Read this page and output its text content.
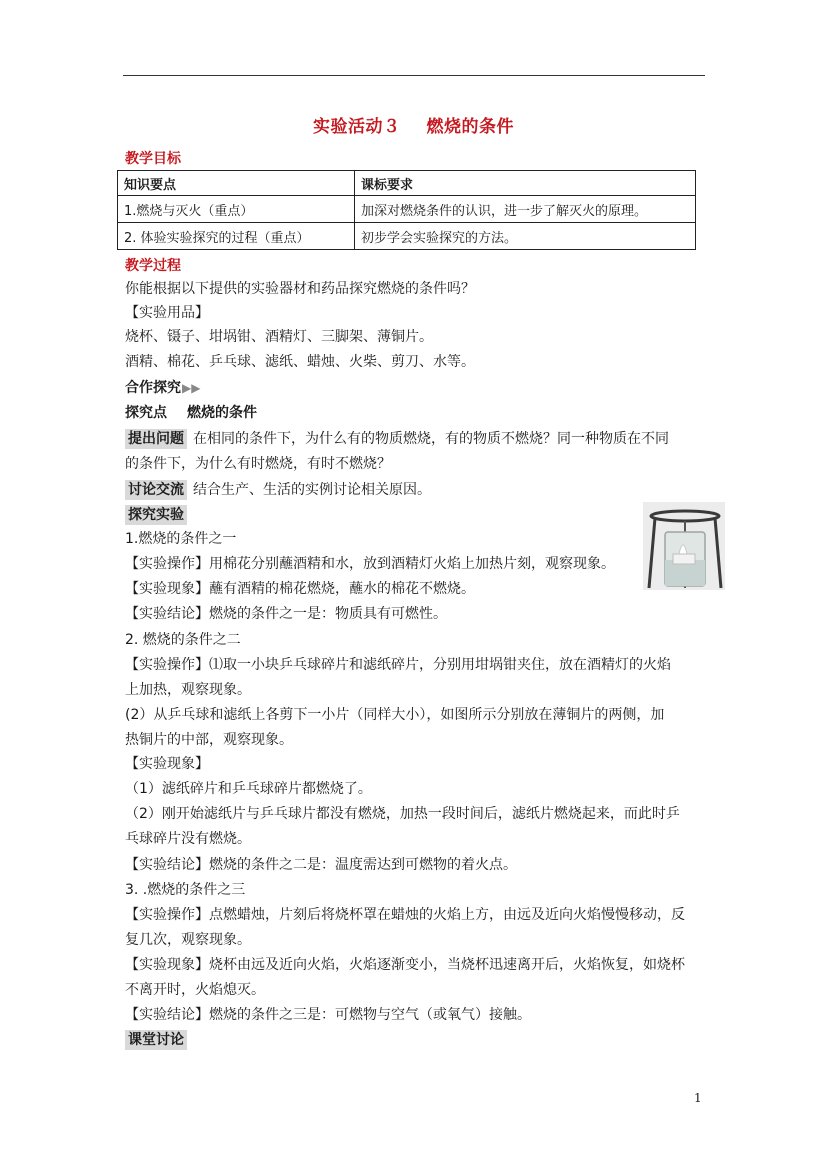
实验活动３ 燃烧的条件
教学目标
知识要点	课标要求
1.燃烧与灭火（重点）	加深对燃烧条件的认识，进一步了解灭火的原理。
2. 体验实验探究的过程（重点）	初步学会实验探究的方法。
教学过程
你能根据以下提供的实验器材和药品探究燃烧的条件吗？
【实验用品】
烧杯、镊子、坩埚钳、酒精灯、三脚架、薄铜片。
酒精、棉花、乒乓球、滤纸、蜡烛、火柴、剪刀、水等。
合作探究▶▶
探究点 燃烧的条件
提出问题 在相同的条件下，为什么有的物质燃烧，有的物质不燃烧？同一种物质在不同
的条件下，为什么有时燃烧，有时不燃烧？
讨论交流 结合生产、生活的实例讨论相关原因。
探究实验
1.燃烧的条件之一
【实验操作】用棉花分别蘸酒精和水，放到酒精灯火焰上加热片刻，观察现象。
【实验现象】蘸有酒精的棉花燃烧，蘸水的棉花不燃烧。
【实验结论】燃烧的条件之一是：物质具有可燃性。
2. 燃烧的条件之二
【实验操作】⑴取一小块乒乓球碎片和滤纸碎片，分别用坩埚钳夹住，放在酒精灯的火焰
上加热，观察现象。
(2）从乒乓球和滤纸上各剪下一小片（同样大小），如图所示分别放在薄铜片的两侧，加
热铜片的中部，观察现象。
【实验现象】
（1）滤纸碎片和乒乓球碎片都燃烧了。
（2）刚开始滤纸片与乒乓球片都没有燃烧，加热一段时间后，滤纸片燃烧起来，而此时乒
乓球碎片没有燃烧。
【实验结论】燃烧的条件之二是：温度需达到可燃物的着火点。
3. .燃烧的条件之三
【实验操作】点燃蜡烛，片刻后将烧杯罩在蜡烛的火焰上方，由远及近向火焰慢慢移动，反
复几次，观察现象。
【实验现象】烧杯由远及近向火焰，火焰逐渐变小，当烧杯迅速离开后，火焰恢复，如烧杯
不离开时，火焰熄灭。
【实验结论】燃烧的条件之三是：可燃物与空气（或氧气）接触。
课堂讨论
1
